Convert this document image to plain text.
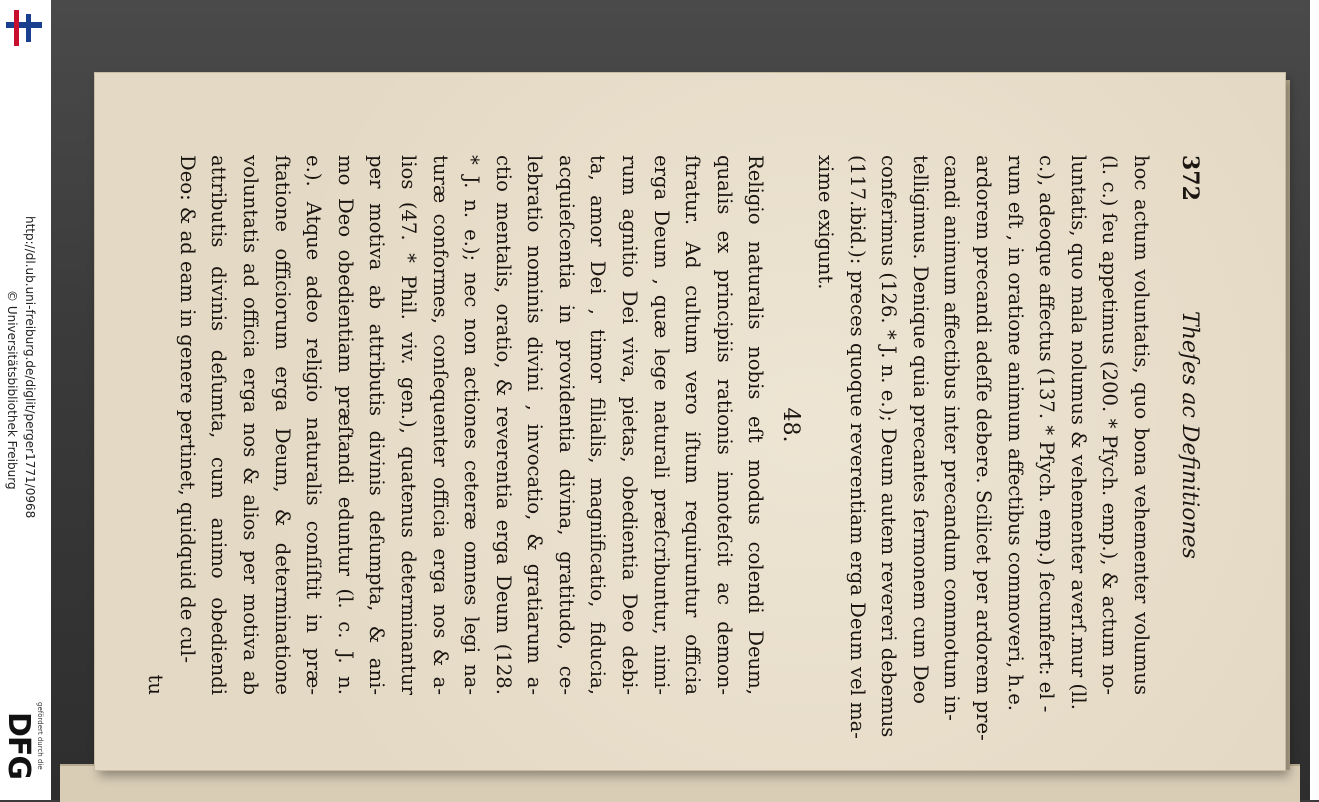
http://dl.ub.uni-freiburg.de/diglit/perger1771/0968
© Universitätsbibliothek Freiburg
gefördert durch die
DFG
372
Theſes ac Definitiones
hoc actum voluntatis, quo bona vehementer volumus
(l. c.) ſeu appetimus (200. * Pſych. emp.), & actum no-
luntatis, quo mala nolumus & vehementer averſ.mur (ll.
c.), adeoque affectus (137. * Pſych. emp.) ſecumfert: el -
rum eſt , in oratione animum affectibus commoveri, h.e.
ardorem precandi adeſſe debere. Scilicet per ardorem pre-
candi animum affectibus inter precandum commotum in-
telligimus. Denique quia precantes ſermonem cum Deo
conferimus (126. * J. n. e.); Deum autem revereri debemus
(117.ibid.): preces quoque reverentiam erga Deum vel ma-
xime exigunt.
48.
Religio naturalis nobis eſt modus colendi Deum,
qualis ex principiis rationis innoteſcit ac demon-
ſtratur. Ad cultum vero iſtum requiruntur officia
erga Deum , quæ lege naturali præſcribuntur, nimi-
rum agnitio Dei viva, pietas, obedientia Deo debi-
ta, amor Dei , timor filialis, magnificatio, fiducia,
acquieſcentia in providentia divina, gratitudo, ce-
lebratio nominis divini , invocatio, & gratiarum a-
ctio mentalis, oratio, & reverentia erga Deum (128.
* J. n. e.); nec non actiones ceteræ omnes legi na-
turæ conformes, conſequenter officia erga nos & a-
lios (47. * Phil. viv. gen.), quatenus determinantur
per motiva ab attributis divinis deſumpta, & ani-
mo Deo obedientiam præſtandi eduntur (l. c. J. n.
e.). Atque adeo religio naturalis conſiſtit in præ-
ſtatione officiorum erga Deum, & determinatione
voluntatis ad officia erga nos & alios per motiva ab
attributis divinis deſumta, cum animo obediendi
Deo: & ad eam in genere pertinet, quidquid de cul-
tu
